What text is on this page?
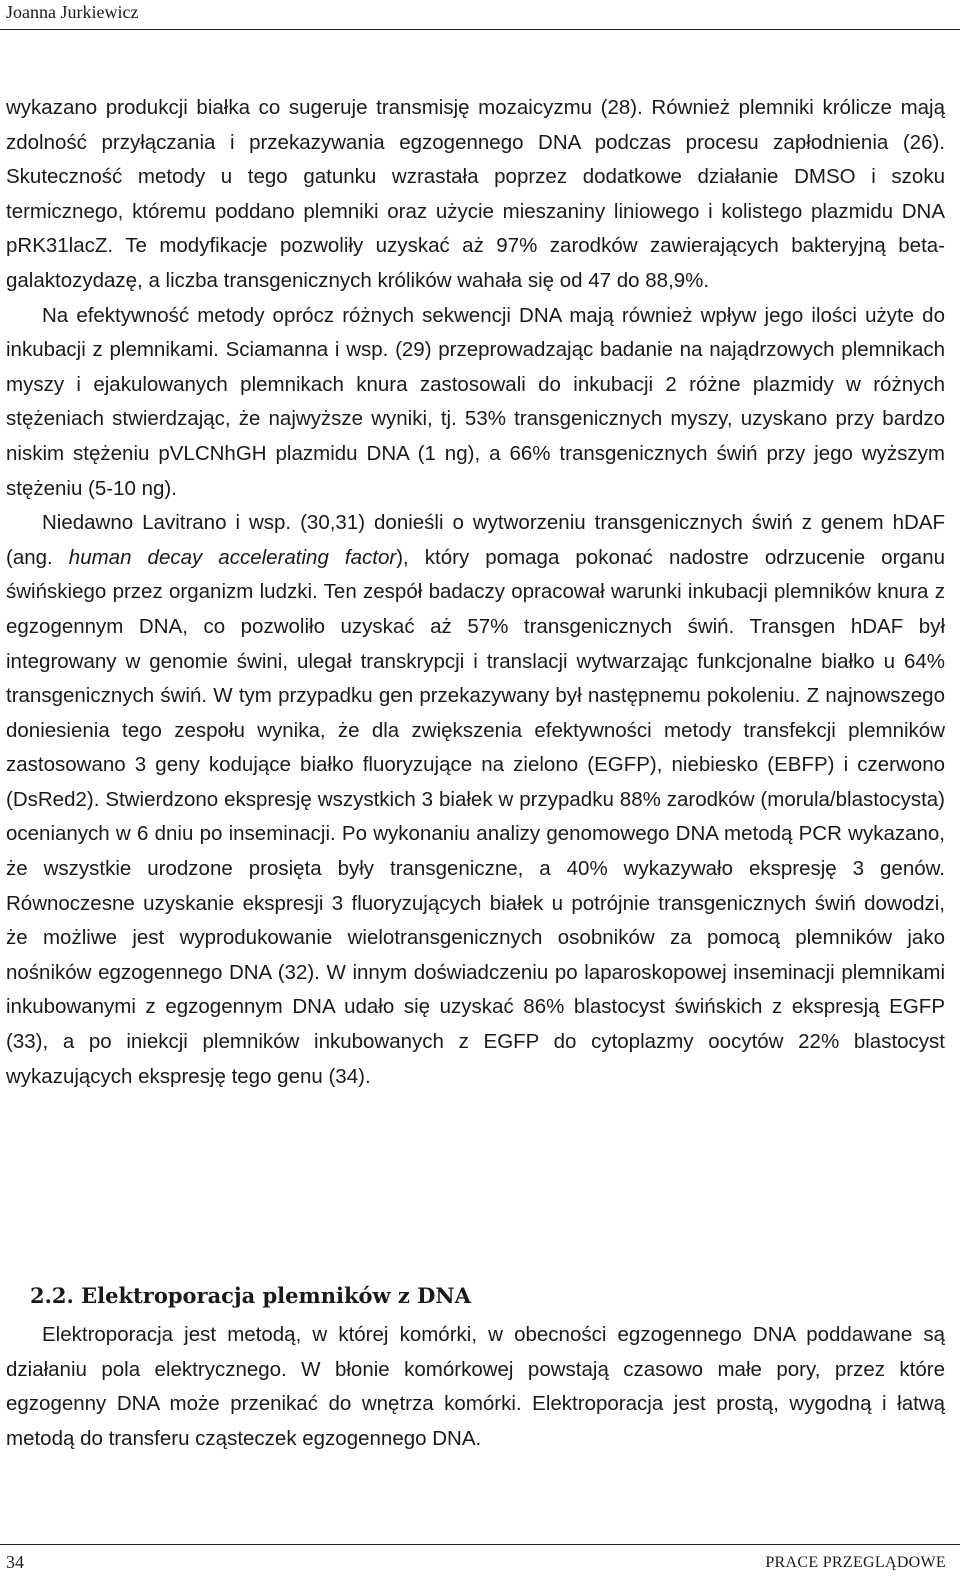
Joanna Jurkiewicz

wykazano produkcji białka co sugeruje transmisję mozaicyzmu (28). Również plemniki królicze mają zdolność przyłączania i przekazywania egzogennego DNA podczas procesu zapłodnienia (26). Skuteczność metody u tego gatunku wzrastała poprzez dodatkowe działanie DMSO i szoku termicznego, któremu poddano plemniki oraz użycie mieszaniny liniowego i kolistego plazmidu DNA pRK31lacZ. Te modyfikacje pozwoliły uzyskać aż 97% zarodków zawierających bakteryjną beta-galaktozydazę, a liczba transgenicznych królików wahała się od 47 do 88,9%.

Na efektywność metody oprócz różnych sekwencji DNA mają również wpływ jego ilości użyte do inkubacji z plemnikami. Sciamanna i wsp. (29) przeprowadzając badanie na najądrzowych plemnikach myszy i ejakulowanych plemnikach knura zastosowali do inkubacji 2 różne plazmidy w różnych stężeniach stwierdzając, że najwyższe wyniki, tj. 53% transgenicznych myszy, uzyskano przy bardzo niskim stężeniu pVLCNhGH plazmidu DNA (1 ng), a 66% transgenicznych świń przy jego wyższym stężeniu (5-10 ng).

Niedawno Lavitrano i wsp. (30,31) donieśli o wytworzeniu transgenicznych świń z genem hDAF (ang. human decay accelerating factor), który pomaga pokonać nadostre odrzucenie organu świńskiego przez organizm ludzki. Ten zespół badaczy opracował warunki inkubacji plemników knura z egzogennym DNA, co pozwoliło uzyskać aż 57% transgenicznych świń. Transgen hDAF był integrowany w genomie świni, ulegał transkrypcji i translacji wytwarzając funkcjonalne białko u 64% transgenicznych świń. W tym przypadku gen przekazywany był następnemu pokoleniu. Z najnowszego doniesienia tego zespołu wynika, że dla zwiększenia efektywności metody transfekcji plemników zastosowano 3 geny kodujące białko fluoryzujące na zielono (EGFP), niebiesko (EBFP) i czerwono (DsRed2). Stwierdzono ekspresję wszystkich 3 białek w przypadku 88% zarodków (morula/blastocysta) ocenianych w 6 dniu po inseminacji. Po wykonaniu analizy genomowego DNA metodą PCR wykazano, że wszystkie urodzone prosięta były transgeniczne, a 40% wykazywało ekspresję 3 genów. Równoczesne uzyskanie ekspresji 3 fluoryzujących białek u potrójnie transgenicznych świń dowodzi, że możliwe jest wyprodukowanie wielotransgenicznych osobników za pomocą plemników jako nośników egzogennego DNA (32). W innym doświadczeniu po laparoskopowej inseminacji plemnikami inkubowanymi z egzogennym DNA udało się uzyskać 86% blastocyst świńskich z ekspresją EGFP (33), a po iniekcji plemników inkubowanych z EGFP do cytoplazmy oocytów 22% blastocyst wykazujących ekspresję tego genu (34).

2.2. Elektroporacja plemników z DNA

Elektroporacja jest metodą, w której komórki, w obecności egzogennego DNA poddawane są działaniu pola elektrycznego. W błonie komórkowej powstają czasowo małe pory, przez które egzogenny DNA może przenikać do wnętrza komórki. Elektroporacja jest prostą, wygodną i łatwą metodą do transferu cząsteczek egzogennego DNA.

34	PRACE PRZEGLĄDOWE
